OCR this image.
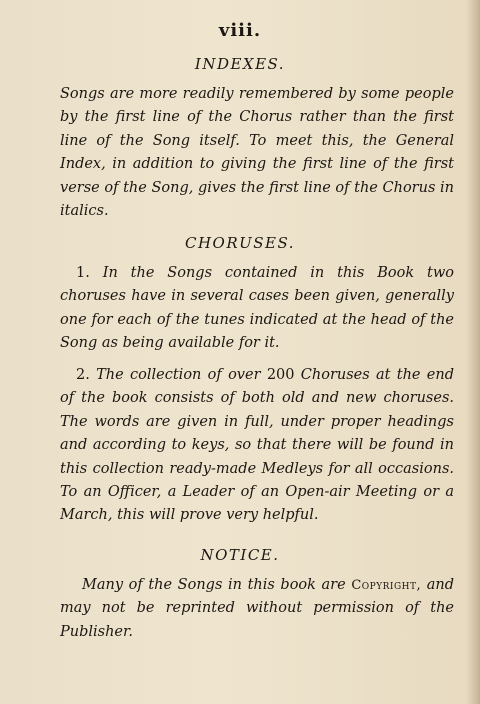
viii.
INDEXES.

Songs are more readily remembered by some people by the first line of the Chorus rather than the first line of the Song itself. To meet this, the General Index, in addition to giving the first line of the first verse of the Song, gives the first line of the Chorus in italics.

CHORUSES.

1. In the Songs contained in this Book two choruses have in several cases been given, generally one for each of the tunes indicated at the head of the Song as being available for it.

2. The collection of over 200 Choruses at the end of the book consists of both old and new choruses. The words are given in full, under proper headings and according to keys, so that there will be found in this collection ready-made Medleys for all occasions. To an Officer, a Leader of an Open-air Meeting or a March, this will prove very helpful.

NOTICE.

Many of the Songs in this book are Copyright, and may not be reprinted without permission of the Publisher.
